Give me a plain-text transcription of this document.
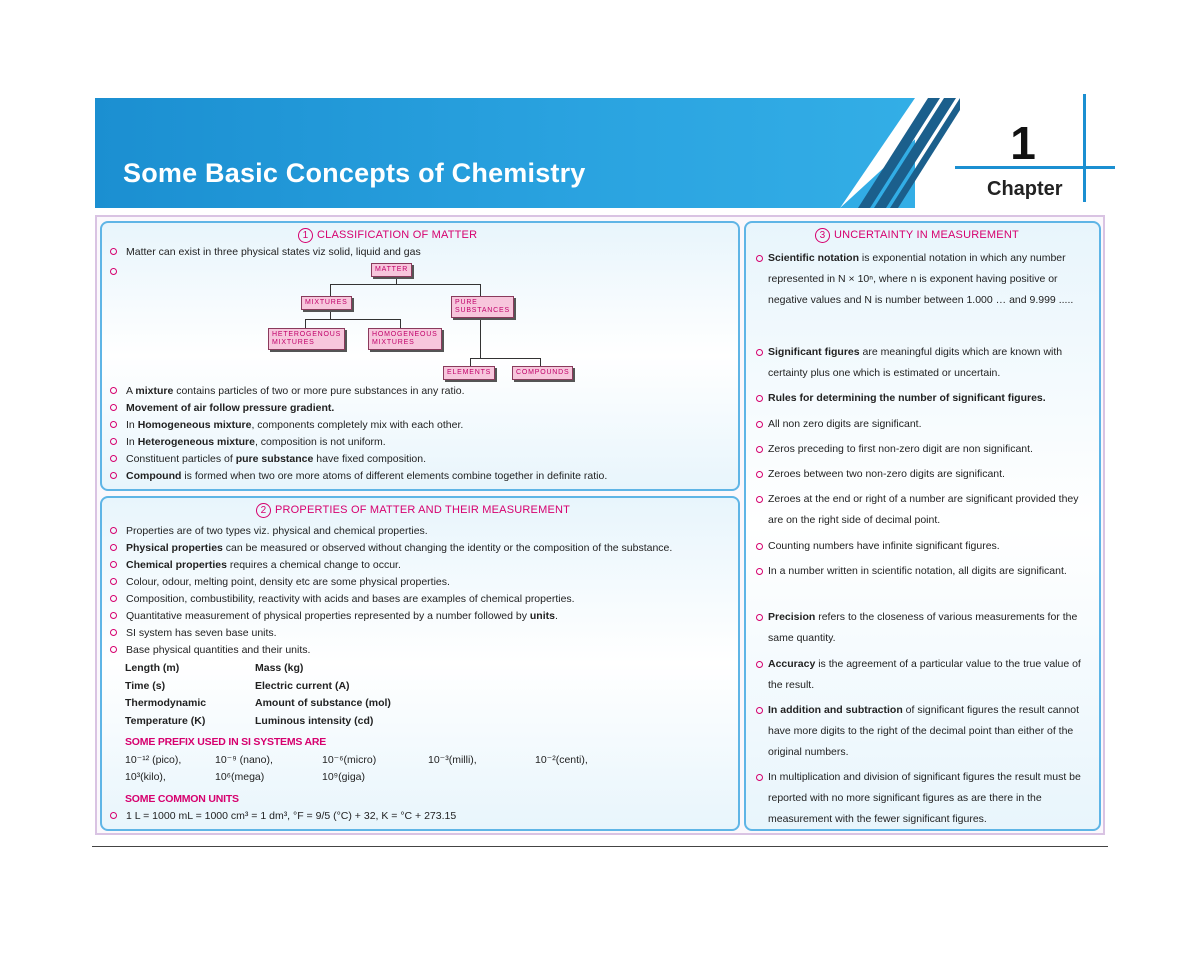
Some Basic Concepts of Chemistry
1
Chapter
1 CLASSIFICATION OF MATTER
Matter can exist in three physical states viz solid, liquid and gas
MATTER
MIXTURES	PURE
SUBSTANCES
HETEROGENOUS
MIXTURES
HOMOGENEOUS
MIXTURES
ELEMENTS	COMPOUNDS
A mixture contains particles of two or more pure substances in any ratio.
Movement of air follow pressure gradient.
In Homogeneous mixture, components completely mix with each other.
In Heterogeneous mixture, composition is not uniform.
Constituent particles of pure substance have fixed composition.
Compound is formed when two ore more atoms of different elements combine together in definite ratio.
2 PROPERTIES OF MATTER AND THEIR MEASUREMENT
Properties are of two types viz. physical and chemical properties.
Physical properties can be measured or observed without changing the identity or the composition of the substance.
Chemical properties requires a chemical change to occur.
Colour, odour, melting point, density etc are some physical properties.
Composition, combustibility, reactivity with acids and bases are examples of chemical properties.
Quantitative measurement of physical properties represented by a number followed by units.
SI system has seven base units.
Base physical quantities and their units.
Length (m)	Mass (kg)
Time (s)	Electric current (A)
Thermodynamic	Amount of substance (mol)
Temperature (K)	Luminous intensity (cd)
SOME PREFIX USED IN SI SYSTEMS ARE
10⁻¹² (pico),	10⁻⁹ (nano),	10⁻⁶(micro)	10⁻³(milli),	10⁻²(centi),
10³(kilo),	10⁶(mega)	10⁹(giga)
SOME COMMON UNITS
1 L = 1000 mL = 1000 cm³ = 1 dm³, °F = 9/5 (°C) + 32, K = °C + 273.15
3 UNCERTAINTY IN MEASUREMENT
Scientific notation is exponential notation in which any number represented in N × 10ⁿ, where n is exponent having positive or negative values and N is number between 1.000 … and 9.999 .....
Significant figures are meaningful digits which are known with certainty plus one which is estimated or uncertain.
Rules for determining the number of significant figures.
All non zero digits are significant.
Zeros preceding to first non-zero digit are non significant.
Zeroes between two non-zero digits are significant.
Zeroes at the end or right of a number are significant provided they are on the right side of decimal point.
Counting numbers have infinite significant figures.
In a number written in scientific notation, all digits are significant.
Precision refers to the closeness of various measurements for the same quantity.
Accuracy is the agreement of a particular value to the true value of the result.
In addition and subtraction of significant figures the result cannot have more digits to the right of the decimal point than either of the original numbers.
In multiplication and division of significant figures the result must be reported with no more significant figures as are there in the measurement with the fewer significant figures.
